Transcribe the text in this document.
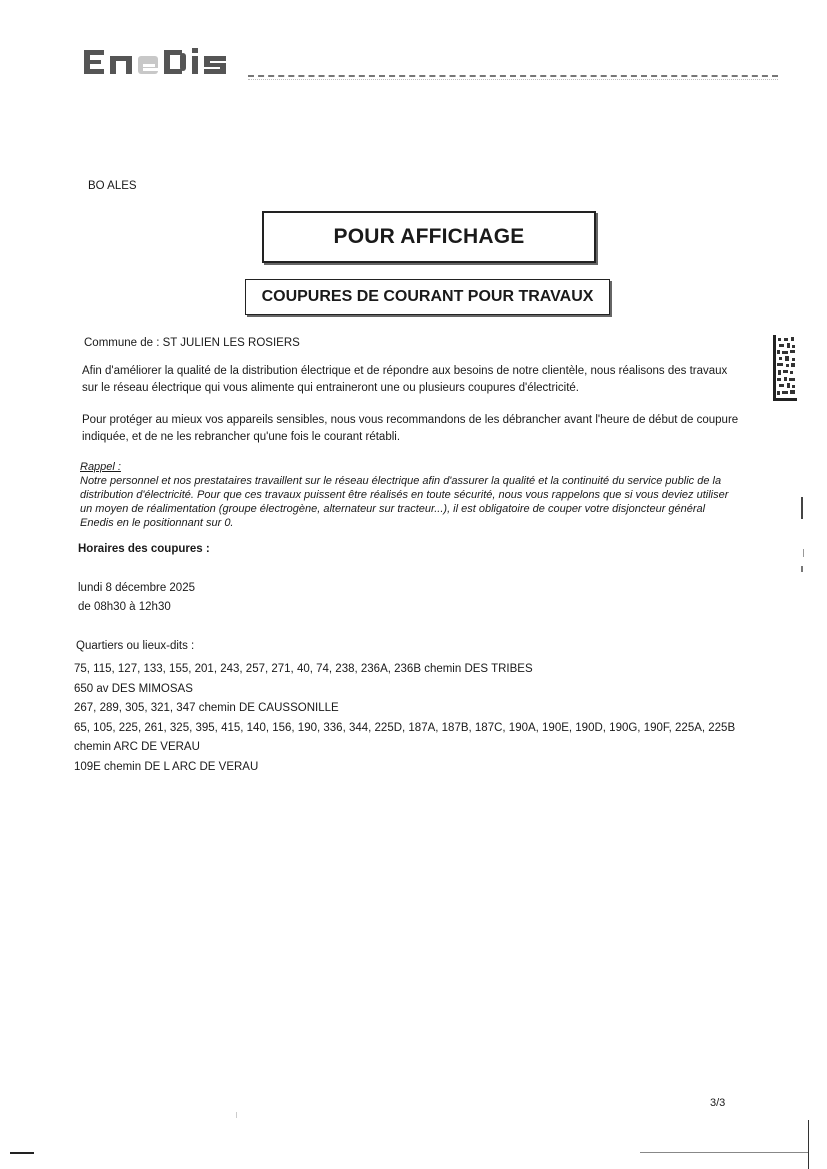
BO ALES
POUR AFFICHAGE
COUPURES DE COURANT POUR TRAVAUX
Commune de : ST JULIEN LES ROSIERS
Afin d'améliorer la qualité de la distribution électrique et de répondre aux besoins de notre clientèle, nous réalisons des travaux sur le réseau électrique qui vous alimente qui entraineront une ou plusieurs coupures d'électricité.
Pour protéger au mieux vos appareils sensibles, nous vous recommandons de les débrancher avant l'heure de début de coupure indiquée, et de ne les rebrancher qu'une fois le courant rétabli.
Rappel :
Notre personnel et nos prestataires travaillent sur le réseau électrique afin d'assurer la qualité et la continuité du service public de la distribution d'électricité. Pour que ces travaux puissent être réalisés en toute sécurité, nous vous rappelons que si vous deviez utiliser un moyen de réalimentation (groupe électrogène, alternateur sur tracteur...), il est obligatoire de couper votre disjoncteur général Enedis en le positionnant sur 0.
Horaires des coupures :
lundi 8 décembre 2025
de 08h30 à 12h30
Quartiers ou lieux-dits :
75, 115, 127, 133, 155, 201, 243, 257, 271, 40, 74, 238, 236A, 236B chemin DES TRIBES
650 av DES MIMOSAS
267, 289, 305, 321, 347 chemin DE CAUSSONILLE
65, 105, 225, 261, 325, 395, 415, 140, 156, 190, 336, 344, 225D, 187A, 187B, 187C, 190A, 190E, 190D, 190G, 190F, 225A, 225B
chemin ARC DE VERAU
109E chemin DE L ARC DE VERAU
3/3
